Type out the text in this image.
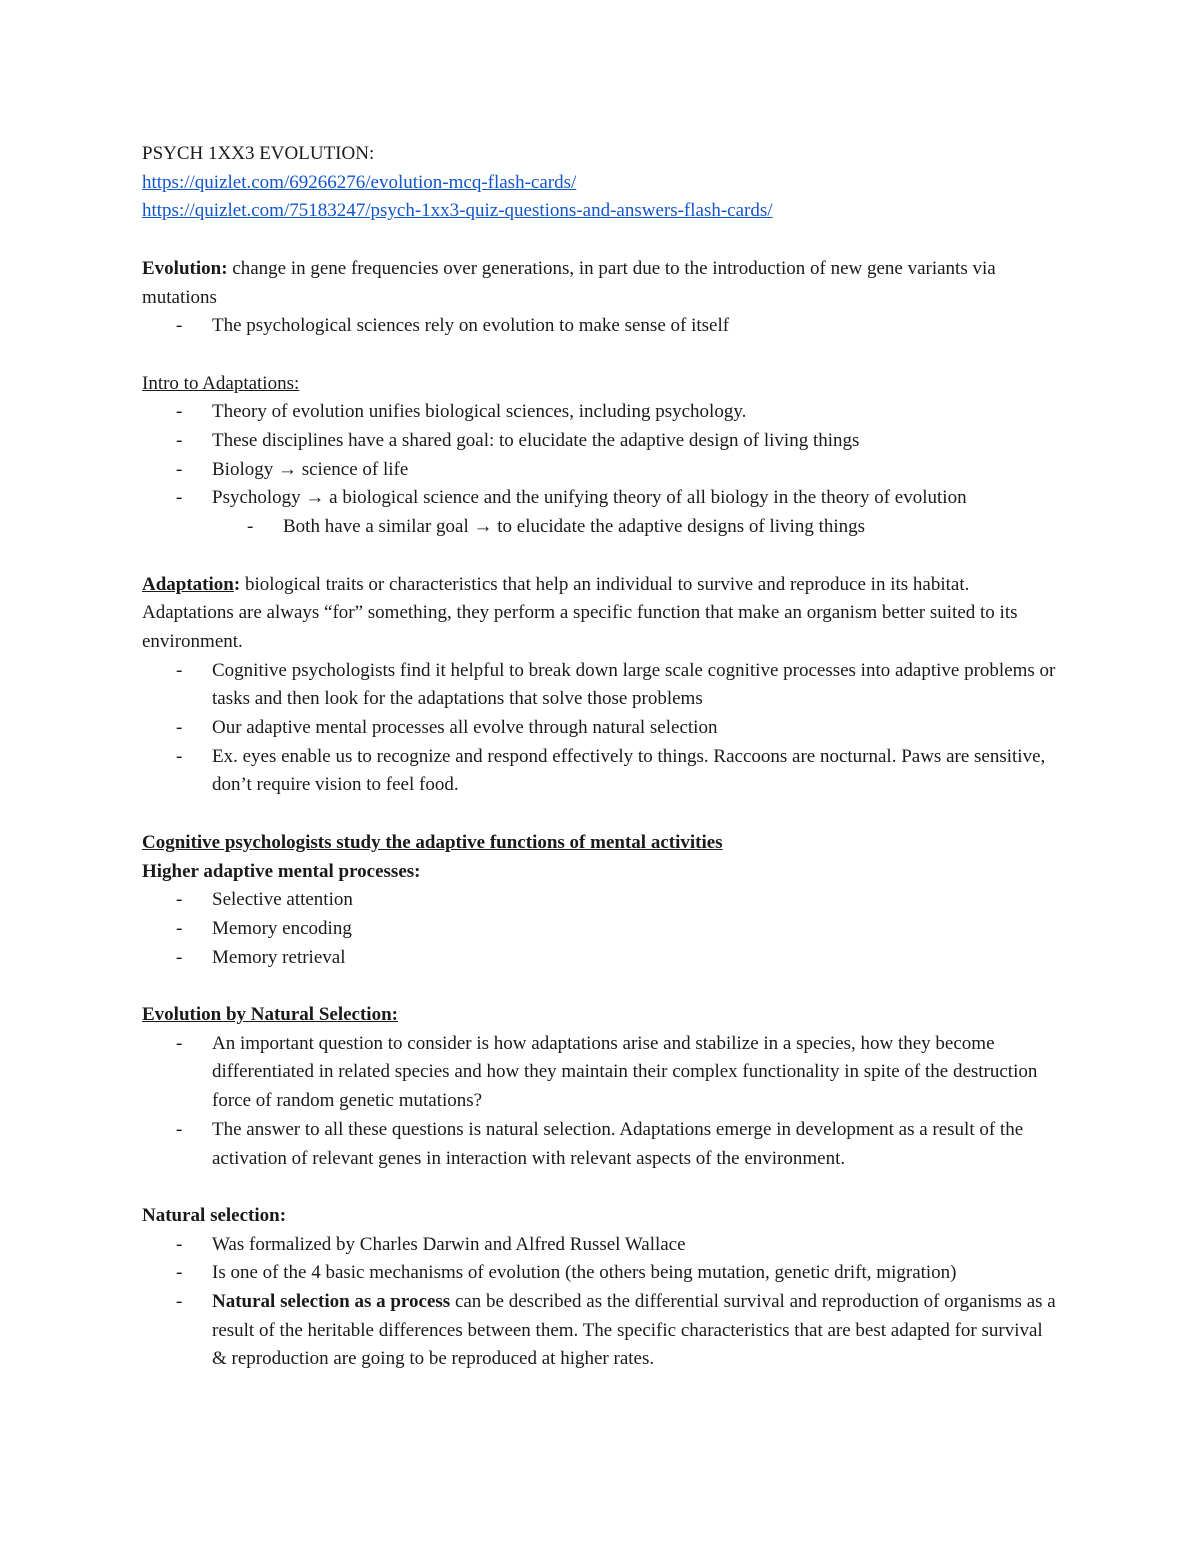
PSYCH 1XX3 EVOLUTION:

https://quizlet.com/69266276/evolution-mcq-flash-cards/

https://quizlet.com/75183247/psych-1xx3-quiz-questions-and-answers-flash-cards/

Evolution: change in gene frequencies over generations, in part due to the introduction of new gene variants via mutations

- The psychological sciences rely on evolution to make sense of itself

Intro to Adaptations:

- Theory of evolution unifies biological sciences, including psychology.
- These disciplines have a shared goal: to elucidate the adaptive design of living things
- Biology → science of life
- Psychology → a biological science and the unifying theory of all biology in the theory of evolution
- Both have a similar goal → to elucidate the adaptive designs of living things

Adaptation: biological traits or characteristics that help an individual to survive and reproduce in its habitat. Adaptations are always “for” something, they perform a specific function that make an organism better suited to its environment.

- Cognitive psychologists find it helpful to break down large scale cognitive processes into adaptive problems or tasks and then look for the adaptations that solve those problems
- Our adaptive mental processes all evolve through natural selection
- Ex. eyes enable us to recognize and respond effectively to things. Raccoons are nocturnal. Paws are sensitive, don’t require vision to feel food.

Cognitive psychologists study the adaptive functions of mental activities

Higher adaptive mental processes:

- Selective attention
- Memory encoding
- Memory retrieval

Evolution by Natural Selection:

- An important question to consider is how adaptations arise and stabilize in a species, how they become differentiated in related species and how they maintain their complex functionality in spite of the destruction force of random genetic mutations?
- The answer to all these questions is natural selection. Adaptations emerge in development as a result of the activation of relevant genes in interaction with relevant aspects of the environment.

Natural selection:

- Was formalized by Charles Darwin and Alfred Russel Wallace
- Is one of the 4 basic mechanisms of evolution (the others being mutation, genetic drift, migration)
- Natural selection as a process can be described as the differential survival and reproduction of organisms as a result of the heritable differences between them. The specific characteristics that are best adapted for survival & reproduction are going to be reproduced at higher rates.
